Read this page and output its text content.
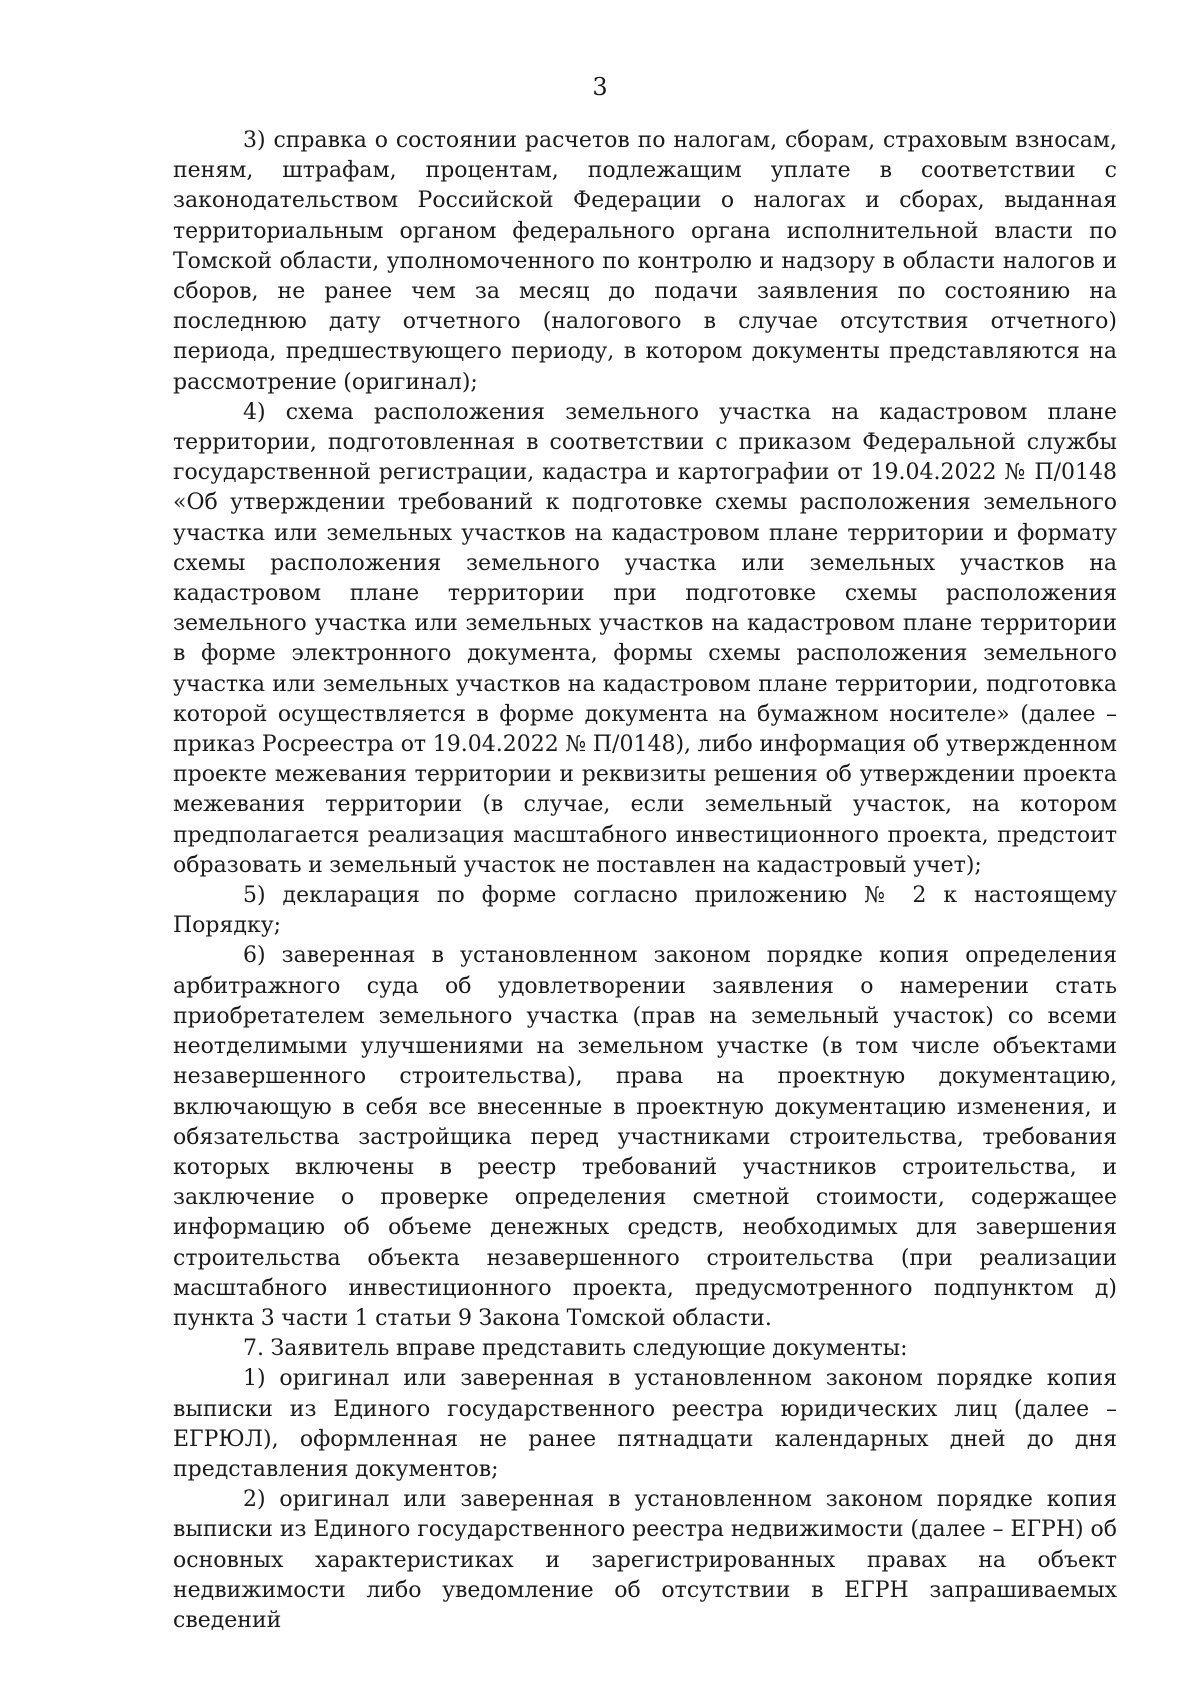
3

3) справка о состоянии расчетов по налогам, сборам, страховым взносам, пеням, штрафам, процентам, подлежащим уплате в соответствии с законодательством Российской Федерации о налогах и сборах, выданная территориальным органом федерального органа исполнительной власти по Томской области, уполномоченного по контролю и надзору в области налогов и сборов, не ранее чем за месяц до подачи заявления по состоянию на последнюю дату отчетного (налогового в случае отсутствия отчетного) периода, предшествующего периоду, в котором документы представляются на рассмотрение (оригинал);

4) схема расположения земельного участка на кадастровом плане территории, подготовленная в соответствии с приказом Федеральной службы государственной регистрации, кадастра и картографии от 19.04.2022 № П/0148 «Об утверждении требований к подготовке схемы расположения земельного участка или земельных участков на кадастровом плане территории и формату схемы расположения земельного участка или земельных участков на кадастровом плане территории при подготовке схемы расположения земельного участка или земельных участков на кадастровом плане территории в форме электронного документа, формы схемы расположения земельного участка или земельных участков на кадастровом плане территории, подготовка которой осуществляется в форме документа на бумажном носителе» (далее – приказ Росреестра от 19.04.2022 № П/0148), либо информация об утвержденном проекте межевания территории и реквизиты решения об утверждении проекта межевания территории (в случае, если земельный участок, на котором предполагается реализация масштабного инвестиционного проекта, предстоит образовать и земельный участок не поставлен на кадастровый учет);

5) декларация по форме согласно приложению № 2 к настоящему Порядку;

6) заверенная в установленном законом порядке копия определения арбитражного суда об удовлетворении заявления о намерении стать приобретателем земельного участка (прав на земельный участок) со всеми неотделимыми улучшениями на земельном участке (в том числе объектами незавершенного строительства), права на проектную документацию, включающую в себя все внесенные в проектную документацию изменения, и обязательства застройщика перед участниками строительства, требования которых включены в реестр требований участников строительства, и заключение о проверке определения сметной стоимости, содержащее информацию об объеме денежных средств, необходимых для завершения строительства объекта незавершенного строительства (при реализации масштабного инвестиционного проекта, предусмотренного подпунктом д) пункта 3 части 1 статьи 9 Закона Томской области.

7. Заявитель вправе представить следующие документы:

1) оригинал или заверенная в установленном законом порядке копия выписки из Единого государственного реестра юридических лиц (далее – ЕГРЮЛ), оформленная не ранее пятнадцати календарных дней до дня представления документов;

2) оригинал или заверенная в установленном законом порядке копия выписки из Единого государственного реестра недвижимости (далее – ЕГРН) об основных характеристиках и зарегистрированных правах на объект недвижимости либо уведомление об отсутствии в ЕГРН запрашиваемых сведений
